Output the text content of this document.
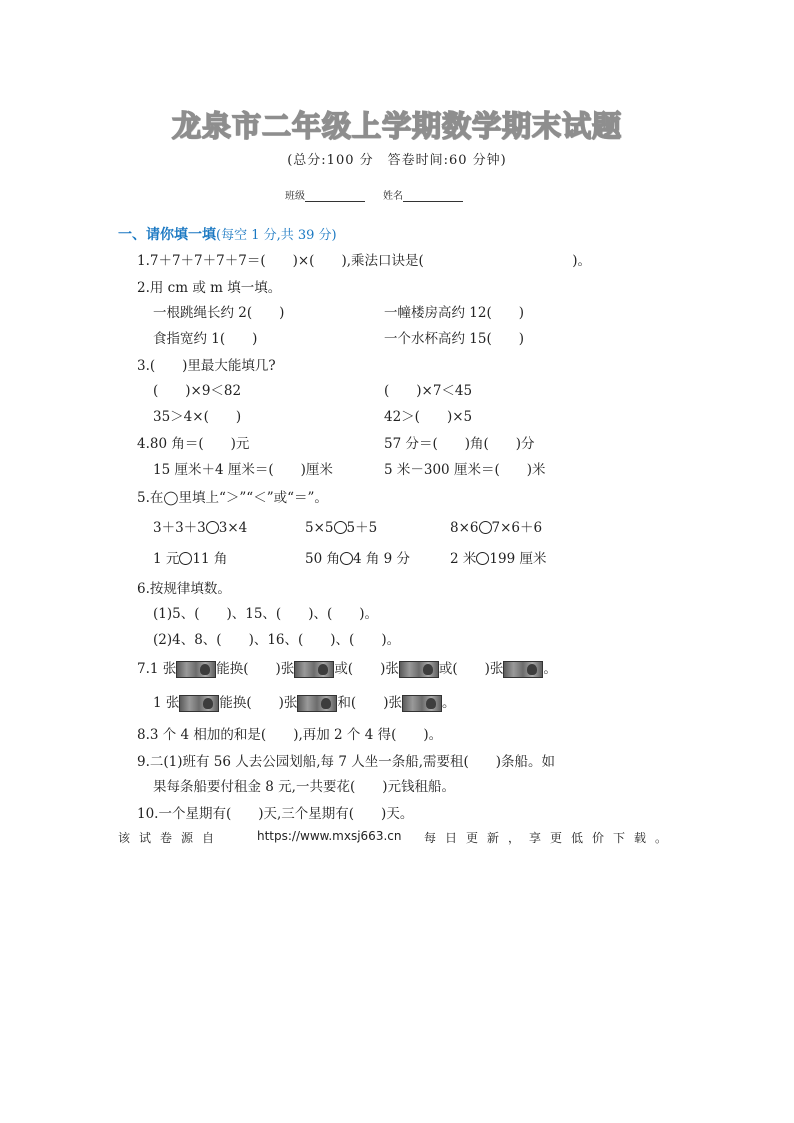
龙泉市二年级上学期数学期末试题
(总分:100 分　答卷时间:60 分钟)
班级	姓名
一、请你填一填(每空 1 分,共 39 分)
1.7＋7＋7＋7＋7＝(　　)×(　　),乘法口诀是(　　　　　　　　　　　)。
2.用 cm 或 m 填一填。
一根跳绳长约 2(　　)	一幢楼房高约 12(　　)
食指宽约 1(　　)	一个水杯高约 15(　　)
3.(　　)里最大能填几?
(　　)×9＜82	(　　)×7＜45
35＞4×(　　)	42＞(　　)×5
4.80 角＝(　　)元	57 分＝(　　)角(　　)分
15 厘米＋4 厘米＝(　　)厘米	5 米－300 厘米＝(　　)米
5.在◯里填上“＞”“＜”或“＝”。
3＋3＋3 3×4	5×5 5＋5	8×6 7×6＋6
1 元 11 角	50 角 4 角 9 分	2 米 199 厘米
6.按规律填数。
(1)5、(　　)、15、(　　)、(　　)。
(2)4、8、(　　)、16、(　　)、(　　)。
7.1 张	能换(　　)张	或(　　)张	或(　　)张	。
1 张	能换(　　)张	和(　　)张	。
8.3 个 4 相加的和是(　　),再加 2 个 4 得(　　)。
9.二(1)班有 56 人去公园划船,每 7 人坐一条船,需要租(　　)条船。如
果每条船要付租金 8 元,一共要花(　　)元钱租船。
10.一个星期有(　　)天,三个星期有(　　)天。
该试卷源自	https://www.mxsj663.cn 每日更新，享更低价下载。
